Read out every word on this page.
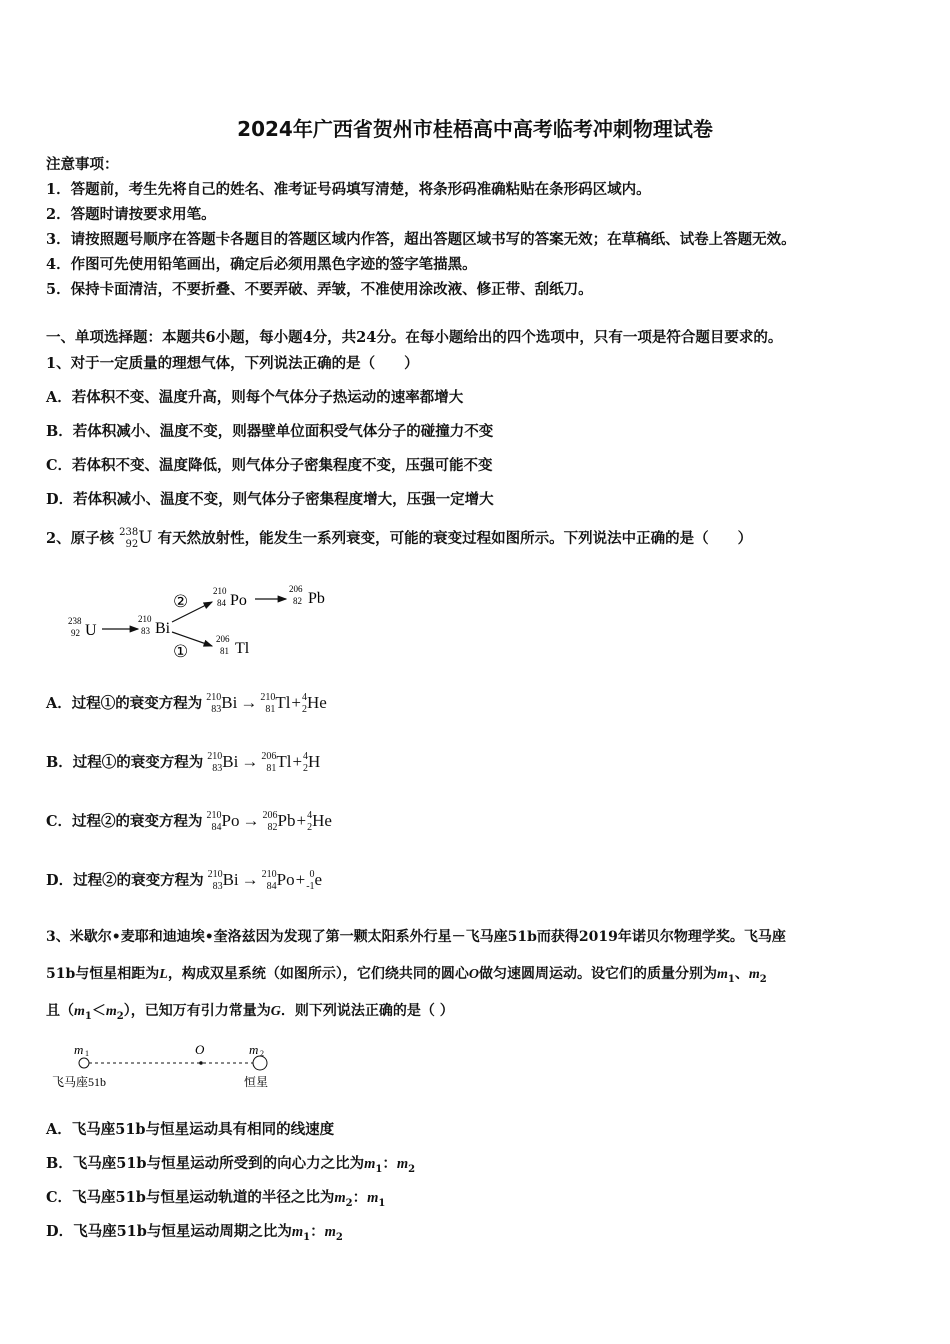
2024年广西省贺州市桂梧高中高考临考冲刺物理试卷
注意事项：
1．答题前，考生先将自己的姓名、准考证号码填写清楚，将条形码准确粘贴在条形码区域内。
2．答题时请按要求用笔。
3．请按照题号顺序在答题卡各题目的答题区域内作答，超出答题区域书写的答案无效；在草稿纸、试卷上答题无效。
4．作图可先使用铅笔画出，确定后必须用黑色字迹的签字笔描黑。
5．保持卡面清洁，不要折叠、不要弄破、弄皱，不准使用涂改液、修正带、刮纸刀。
一、单项选择题：本题共6小题，每小题4分，共24分。在每小题给出的四个选项中，只有一项是符合题目要求的。
1、对于一定质量的理想气体，下列说法正确的是（　　）
A．若体积不变、温度升高，则每个气体分子热运动的速率都增大
B．若体积减小、温度不变，则器壁单位面积受气体分子的碰撞力不变
C．若体积不变、温度降低，则气体分子密集程度不变，压强可能不变
D．若体积减小、温度不变，则气体分子密集程度增大，压强一定增大
2、原子核 238
92 U 有天然放射性，能发生一系列衰变，可能的衰变过程如图所示。下列说法中正确的是（　　）
238
92 U
210
83 Bi
②
①
210
84 Po
206
82 Pb
206
81 Tl
A．过程①的衰变方程为 210
83 Bi → 210
81 Tl+ 4
2 He
B．过程①的衰变方程为 210
83 Bi → 206
81 Tl+ 4
2 H
C．过程②的衰变方程为 210
84 Po → 206
82 Pb+ 4
2 He
D．过程②的衰变方程为 210
83 Bi → 210
84 Po+ 0
-1 e
3、米歇尔•麦耶和迪迪埃•奎洛兹因为发现了第一颗太阳系外行星－飞马座51b而获得2019年诺贝尔物理学奖。飞马座
51b与恒星相距为L，构成双星系统（如图所示），它们绕共同的圆心O做匀速圆周运动。设它们的质量分别为$m_1$、$m_2$
且$(m_1<m_2)$，已知万有引力常量为G．则下列说法正确的是（ ）
m 1	O	m 2
飞马座51b	恒星
A．飞马座51b与恒星运动具有相同的线速度
B．飞马座51b与恒星运动所受到的向心力之比为$m_1$：$m_2$
C．飞马座51b与恒星运动轨道的半径之比为$m_2$：$m_1$
D．飞马座51b与恒星运动周期之比为$m_1$：$m_2$
